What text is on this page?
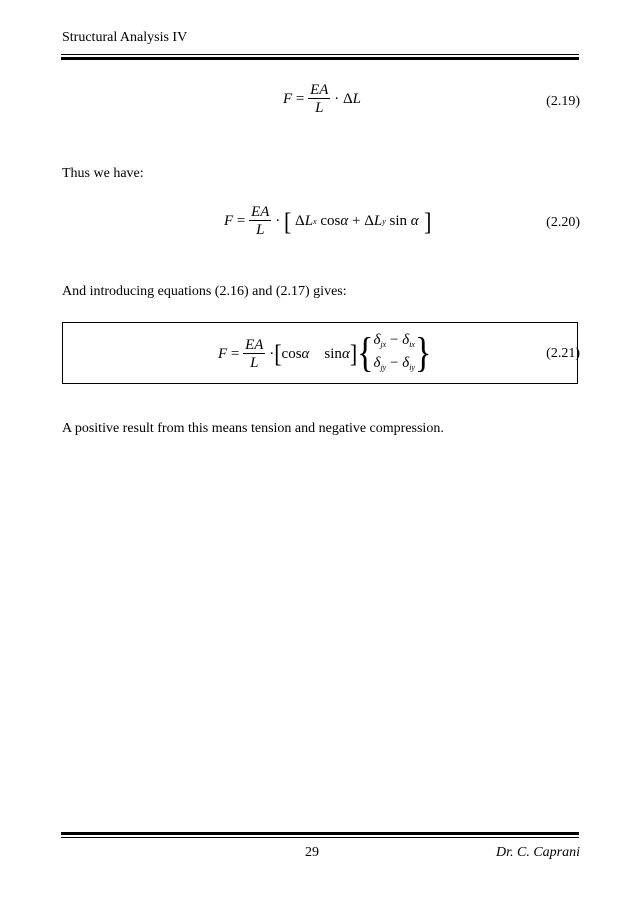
Structural Analysis IV
F =
$\frac{EA}{L} \cdot \Delta$ L	(2.19)
Thus we have:
F =
$\frac{EA}{L}$ · [ Δ L x cos α + Δ L y sin α ]	(2.20)
And introducing equations (2.16) and (2.17) gives:
F =
$\frac{EA}{L}$ · [ cos α sin α ] { $\delta_{jx} - \delta_{ix}$
$\delta_{jy} - \delta_{iy}$ }	(2.21)
A positive result from this means tension and negative compression.
29	Dr. C. Caprani
